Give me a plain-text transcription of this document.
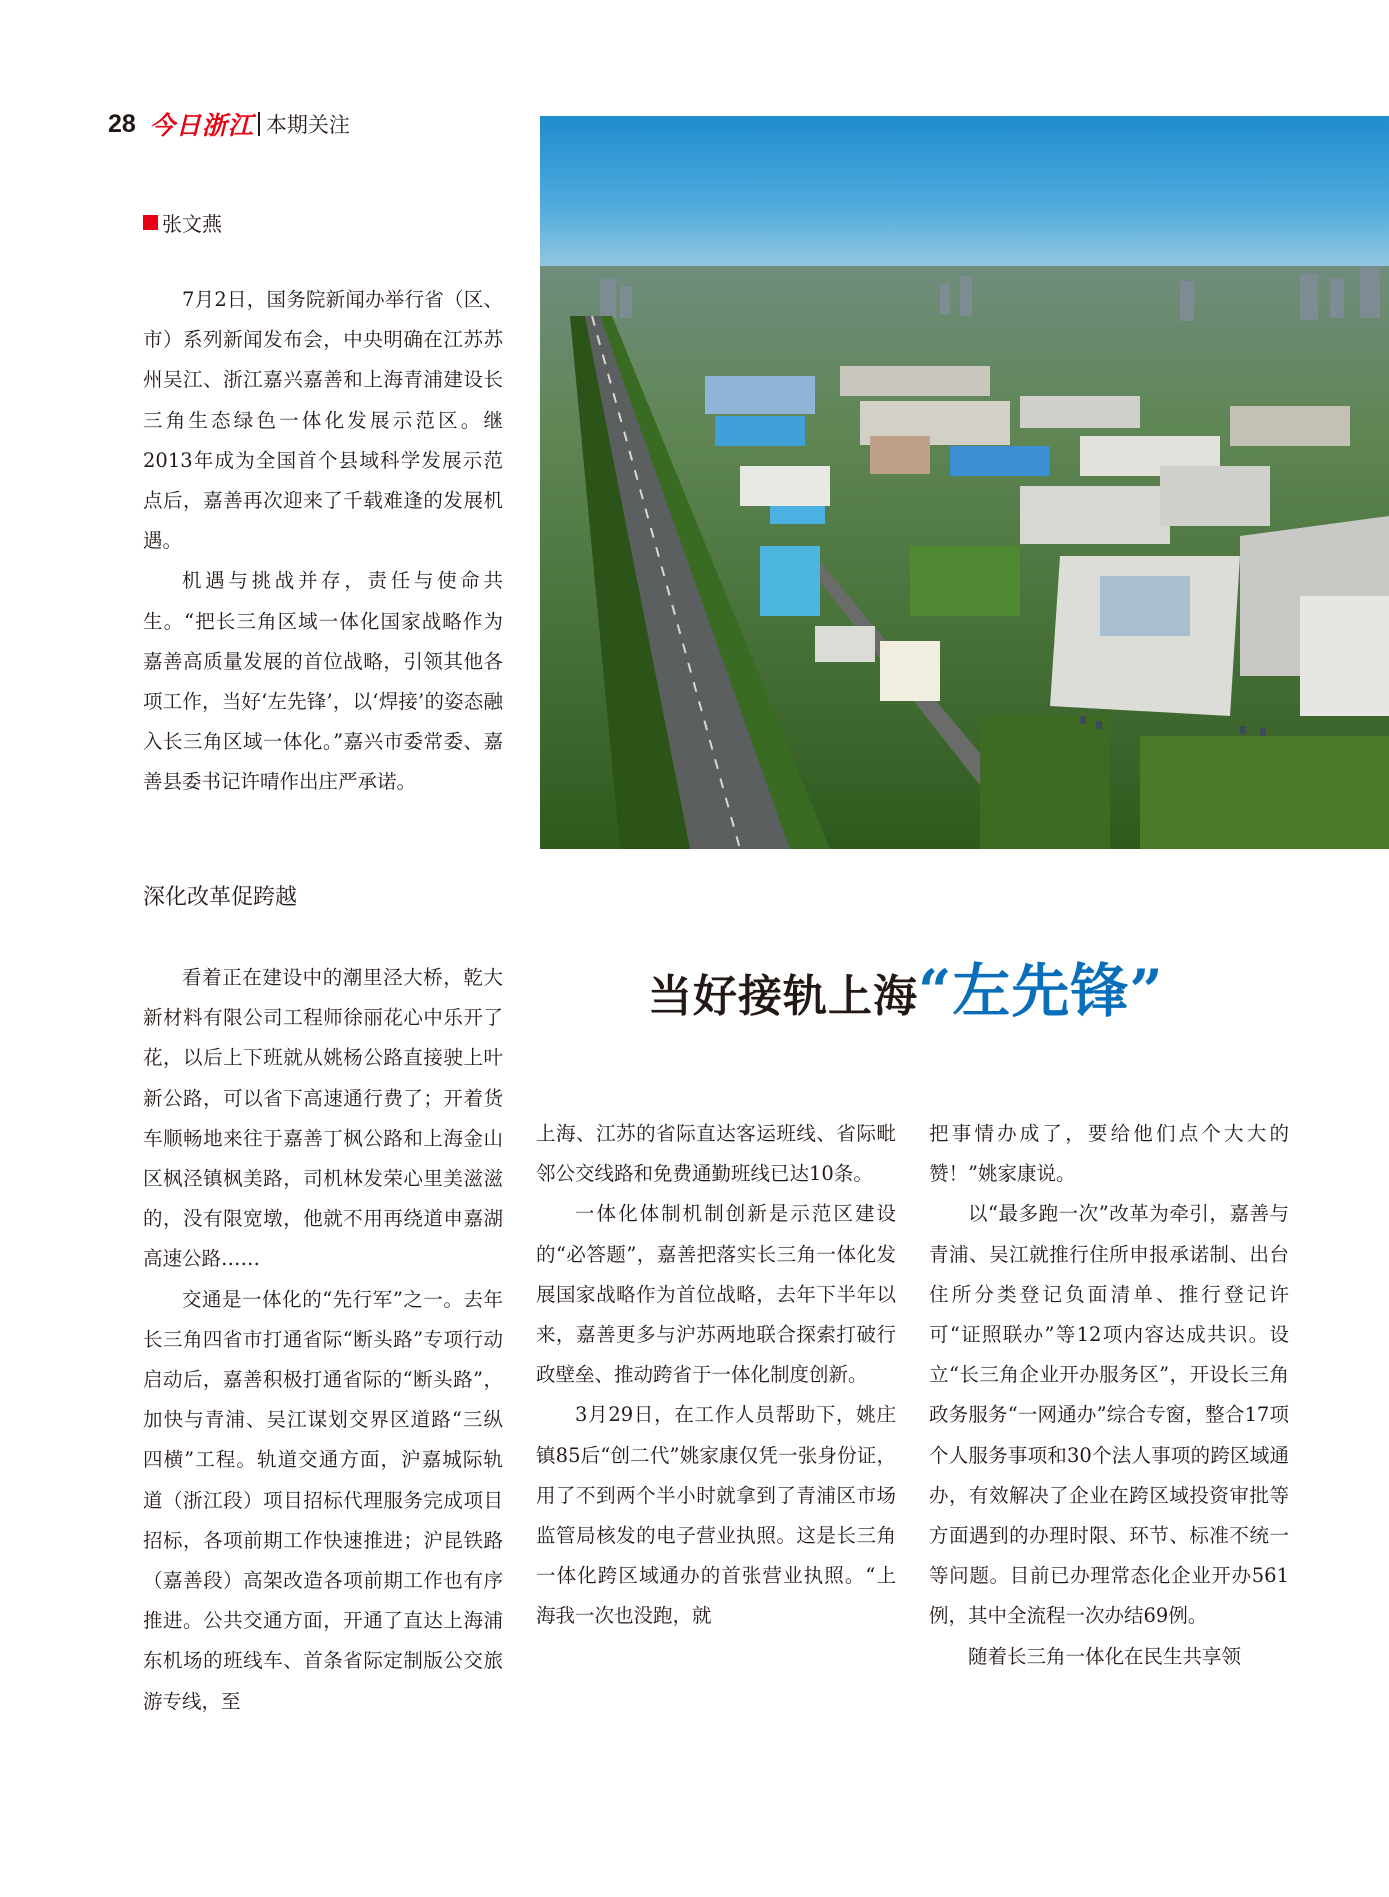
28 今日浙江 本期关注
张文燕

7月2日，国务院新闻办举行省（区、市）系列新闻发布会，中央明确在江苏苏州吴江、浙江嘉兴嘉善和上海青浦建设长三角生态绿色一体化发展示范区。继2013年成为全国首个县域科学发展示范点后，嘉善再次迎来了千载难逢的发展机遇。

机遇与挑战并存，责任与使命共生。“把长三角区域一体化国家战略作为嘉善高质量发展的首位战略，引领其他各项工作，当好‘左先锋’，以‘焊接’的姿态融入长三角区域一体化。”嘉兴市委常委、嘉善县委书记许晴作出庄严承诺。

深化改革促跨越

看着正在建设中的潮里泾大桥，乾大新材料有限公司工程师徐丽花心中乐开了花，以后上下班就从姚杨公路直接驶上叶新公路，可以省下高速通行费了；开着货车顺畅地来往于嘉善丁枫公路和上海金山区枫泾镇枫美路，司机林发荣心里美滋滋的，没有限宽墩，他就不用再绕道申嘉湖高速公路……

交通是一体化的“先行军”之一。去年长三角四省市打通省际“断头路”专项行动启动后，嘉善积极打通省际的“断头路”，加快与青浦、吴江谋划交界区道路“三纵四横”工程。轨道交通方面，沪嘉城际轨道（浙江段）项目招标代理服务完成项目招标，各项前期工作快速推进；沪昆铁路（嘉善段）高架改造各项前期工作也有序推进。公共交通方面，开通了直达上海浦东机场的班线车、首条省际定制版公交旅游专线，至

当好接轨上海 “左先锋”

上海、江苏的省际直达客运班线、省际毗邻公交线路和免费通勤班线已达10条。

一体化体制机制创新是示范区建设的“必答题”，嘉善把落实长三角一体化发展国家战略作为首位战略，去年下半年以来，嘉善更多与沪苏两地联合探索打破行政壁垒、推动跨省于一体化制度创新。

3月29日，在工作人员帮助下，姚庄镇85后“创二代”姚家康仅凭一张身份证，用了不到两个半小时就拿到了青浦区市场监管局核发的电子营业执照。这是长三角一体化跨区域通办的首张营业执照。“上海我一次也没跑，就

把事情办成了，要给他们点个大大的赞！”姚家康说。

以“最多跑一次”改革为牵引，嘉善与青浦、吴江就推行住所申报承诺制、出台住所分类登记负面清单、推行登记许可“证照联办”等12项内容达成共识。设立“长三角企业开办服务区”，开设长三角政务服务“一网通办”综合专窗，整合17项个人服务事项和30个法人事项的跨区域通办，有效解决了企业在跨区域投资审批等方面遇到的办理时限、环节、标准不统一等问题。目前已办理常态化企业开办561例，其中全流程一次办结69例。

随着长三角一体化在民生共享领
